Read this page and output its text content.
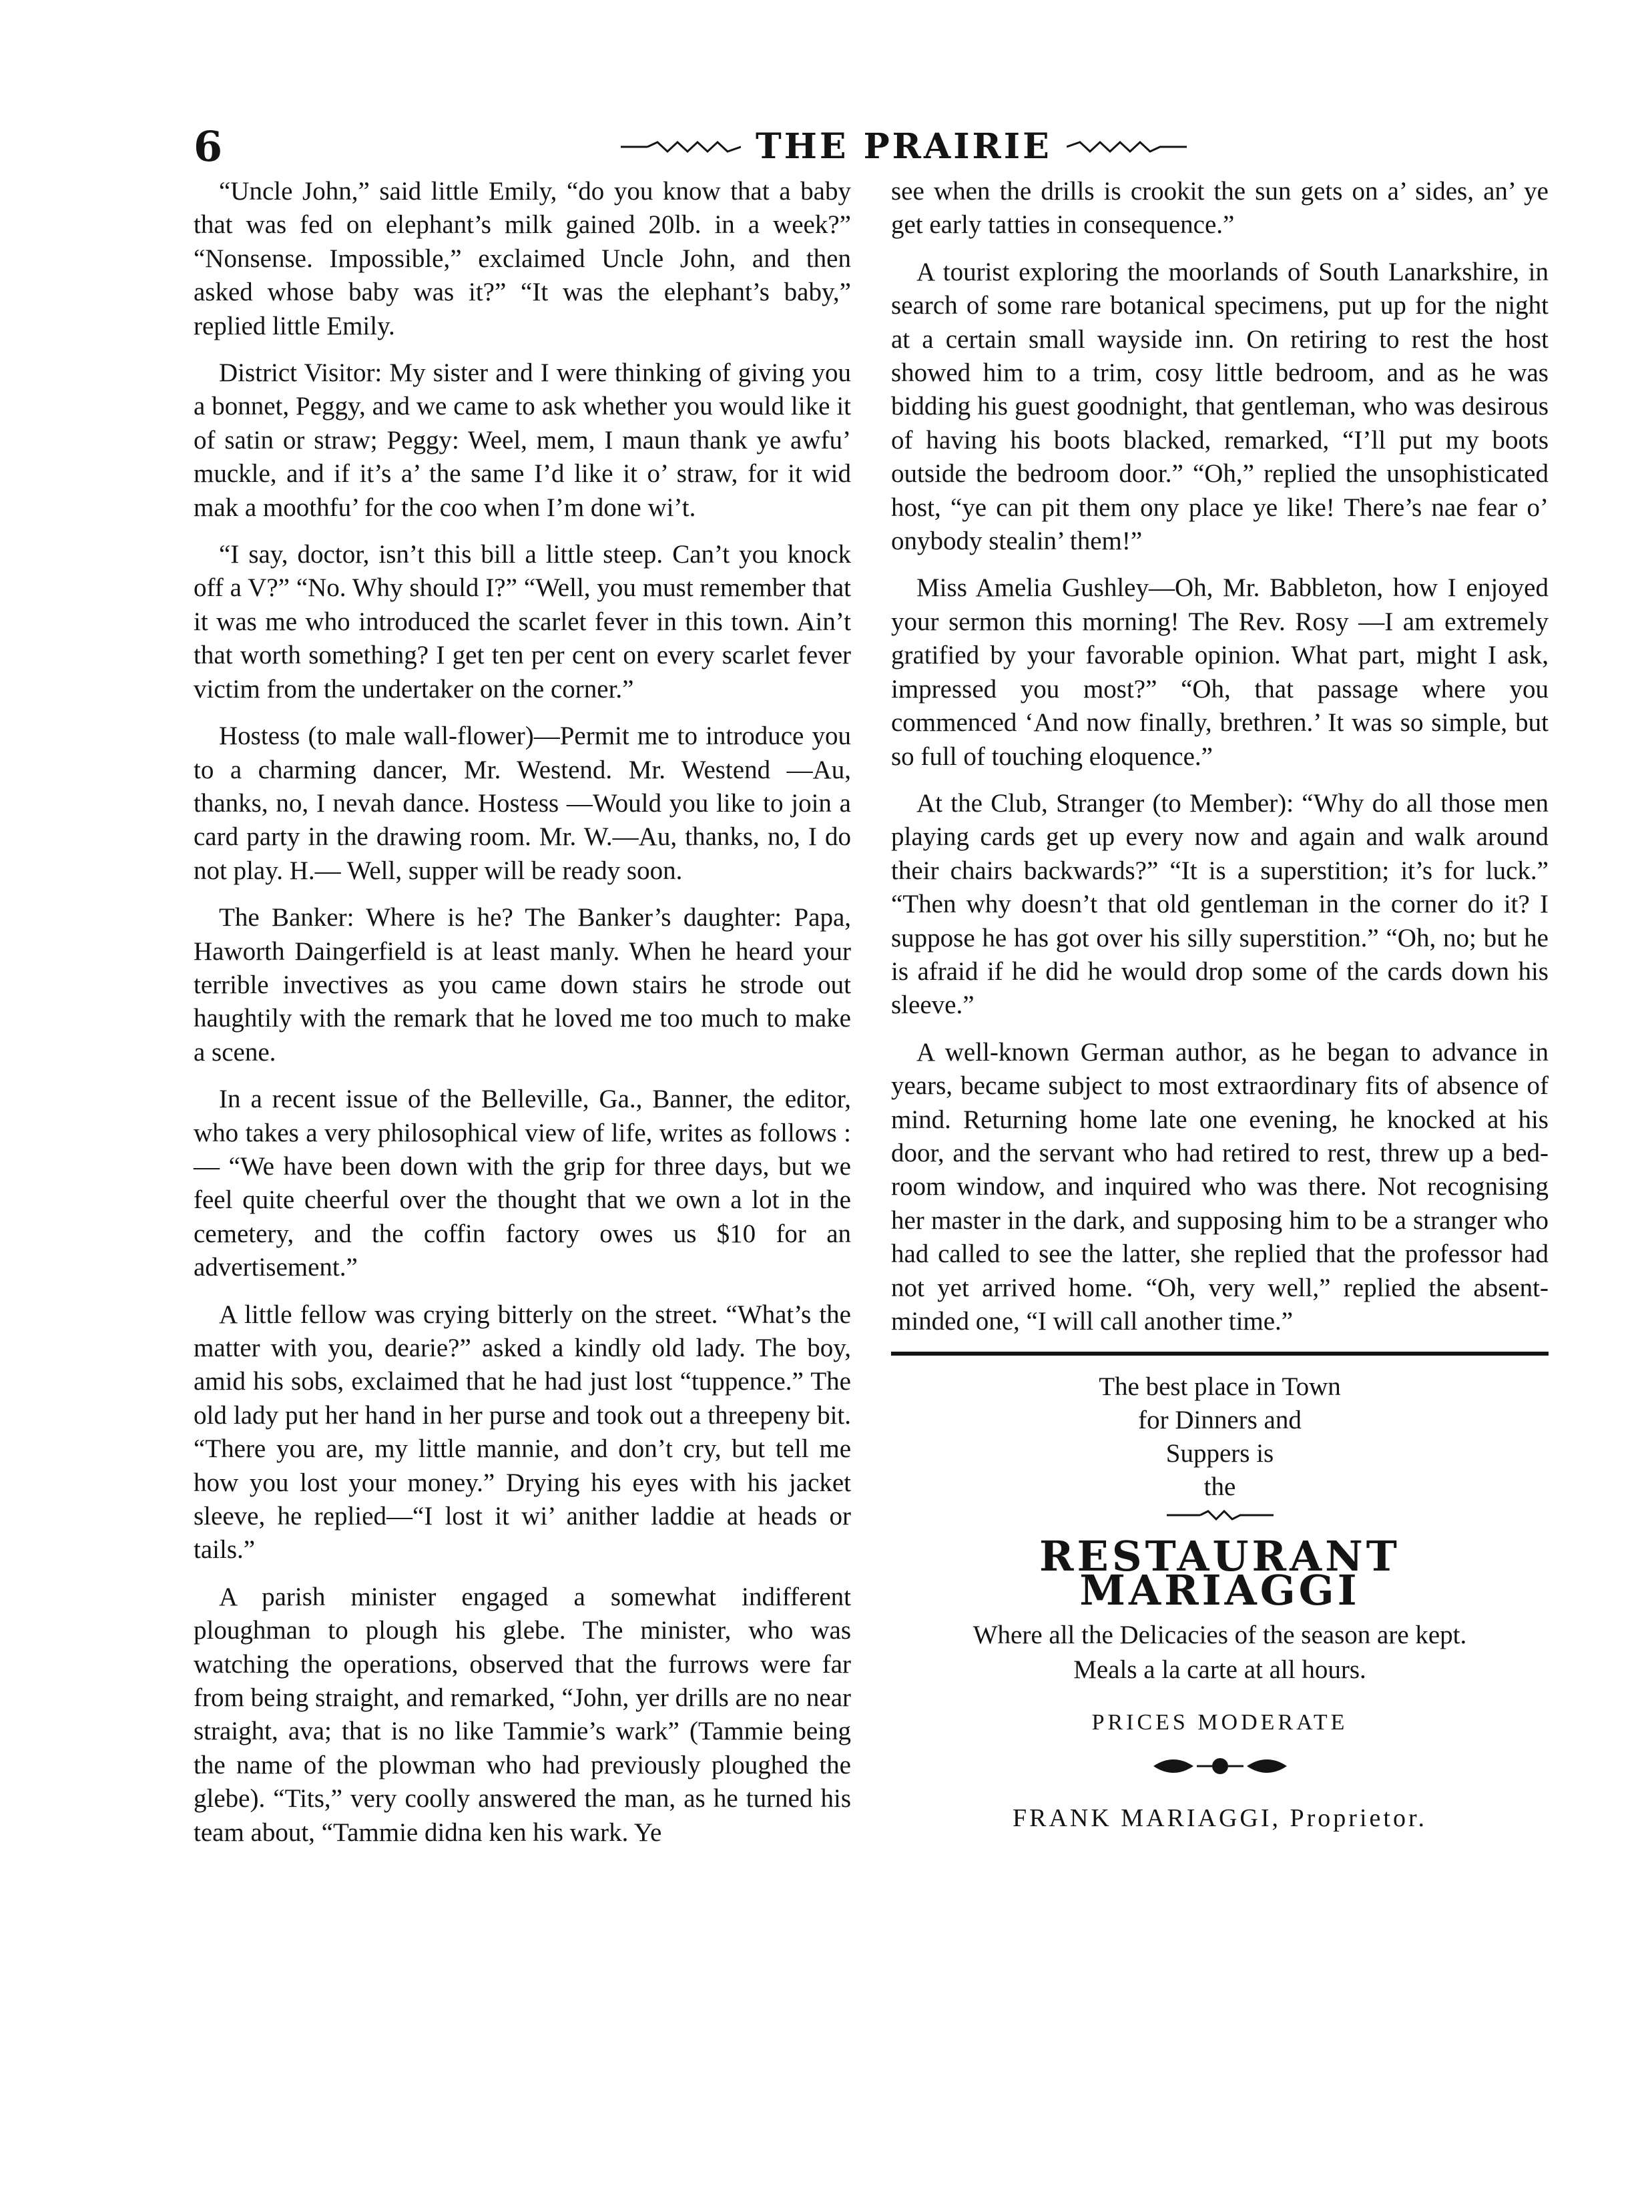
6	THE PRAIRIE

“Uncle John,” said little Emily, “do you know that a baby that was fed on elephant’s milk gained 20lb. in a week?” “Nonsense. Impossible,” exclaimed Uncle John, and then asked whose baby was it?” “It was the elephant’s baby,” replied little Emily.

District Visitor: My sister and I were thinking of giving you a bonnet, Peggy, and we came to ask whether you would like it of satin or straw; Peggy: Weel, mem, I maun thank ye awfu’ muckle, and if it’s a’ the same I’d like it o’ straw, for it wid mak a moothfu’ for the coo when I’m done wi’t.

“I say, doctor, isn’t this bill a little steep. Can’t you knock off a V?” “No. Why should I?” “Well, you must remember that it was me who introduced the scarlet fever in this town. Ain’t that worth something? I get ten per cent on every scarlet fever victim from the undertaker on the corner.”

Hostess (to male wall-flower)—Permit me to introduce you to a charming dancer, Mr. Westend. Mr. Westend —Au, thanks, no, I nevah dance. Hostess —Would you like to join a card party in the drawing room. Mr. W.—Au, thanks, no, I do not play. H.— Well, supper will be ready soon.

The Banker: Where is he? The Banker’s daughter: Papa, Haworth Daingerfield is at least manly. When he heard your terrible invectives as you came down stairs he strode out haughtily with the remark that he loved me too much to make a scene.

In a recent issue of the Belleville, Ga., Banner, the editor, who takes a very philosophical view of life, writes as follows :— “We have been down with the grip for three days, but we feel quite cheerful over the thought that we own a lot in the cemetery, and the coffin factory owes us $10 for an advertisement.”

A little fellow was crying bitterly on the street. “What’s the matter with you, dearie?” asked a kindly old lady. The boy, amid his sobs, exclaimed that he had just lost “tuppence.” The old lady put her hand in her purse and took out a threepeny bit. “There you are, my little mannie, and don’t cry, but tell me how you lost your money.” Drying his eyes with his jacket sleeve, he replied—“I lost it wi’ anither laddie at heads or tails.”

A parish minister engaged a somewhat indifferent ploughman to plough his glebe. The minister, who was watching the operations, observed that the furrows were far from being straight, and remarked, “John, yer drills are no near straight, ava; that is no like Tammie’s wark” (Tammie being the name of the plowman who had previously ploughed the glebe). “Tits,” very coolly answered the man, as he turned his team about, “Tammie didna ken his wark. Ye

see when the drills is crookit the sun gets on a’ sides, an’ ye get early tatties in consequence.”

A tourist exploring the moorlands of South Lanarkshire, in search of some rare botanical specimens, put up for the night at a certain small wayside inn. On retiring to rest the host showed him to a trim, cosy little bedroom, and as he was bidding his guest goodnight, that gentleman, who was desirous of having his boots blacked, remarked, “I’ll put my boots outside the bedroom door.” “Oh,” replied the unsophisticated host, “ye can pit them ony place ye like! There’s nae fear o’ onybody stealin’ them!”

Miss Amelia Gushley—Oh, Mr. Babbleton, how I enjoyed your sermon this morning! The Rev. Rosy —I am extremely gratified by your favorable opinion. What part, might I ask, impressed you most?” “Oh, that passage where you commenced ‘And now finally, brethren.’ It was so simple, but so full of touching eloquence.”

At the Club, Stranger (to Member): “Why do all those men playing cards get up every now and again and walk around their chairs backwards?” “It is a superstition; it’s for luck.” “Then why doesn’t that old gentleman in the corner do it? I suppose he has got over his silly superstition.” “Oh, no; but he is afraid if he did he would drop some of the cards down his sleeve.”

A well-known German author, as he began to advance in years, became subject to most extraordinary fits of absence of mind. Returning home late one evening, he knocked at his door, and the servant who had retired to rest, threw up a bed-room window, and inquired who was there. Not recognising her master in the dark, and supposing him to be a stranger who had called to see the latter, she replied that the professor had not yet arrived home. “Oh, very well,” replied the absent-minded one, “I will call another time.”

The best place in Town
for Dinners and
Suppers is
the
RESTAURANT MARIAGGI
Where all the Delicacies of the season are kept.
Meals a la carte at all hours.
PRICES MODERATE
FRANK MARIAGGI, Proprietor.
